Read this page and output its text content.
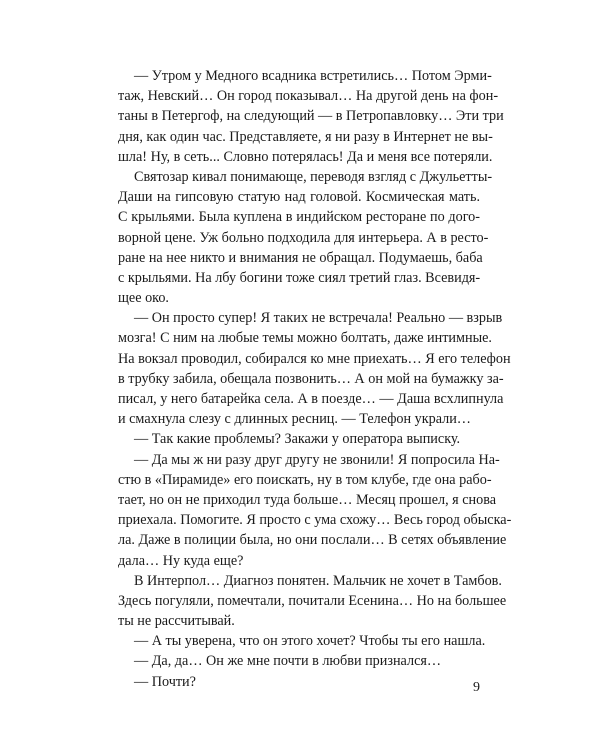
— Утром у Медного всадника встретились… Потом Эрми-
таж, Невский… Он город показывал… На другой день на фон-
таны в Петергоф, на следующий — в Петропавловку… Эти три
дня, как один час. Представляете, я ни разу в Интернет не вы-
шла! Ну, в сеть... Словно потерялась! Да и меня все потеряли.
Святозар кивал понимающе, переводя взгляд с Джульетты-
Даши на гипсовую статую над головой. Космическая мать.
С крыльями. Была куплена в индийском ресторане по дого-
ворной цене. Уж больно подходила для интерьера. А в ресто-
ране на нее никто и внимания не обращал. Подумаешь, баба
с крыльями. На лбу богини тоже сиял третий глаз. Всевидя-
щее око.
— Он просто супер! Я таких не встречала! Реально — взрыв
мозга! С ним на любые темы можно болтать, даже интимные.
На вокзал проводил, собирался ко мне приехать… Я его телефон
в трубку забила, обещала позвонить… А он мой на бумажку за-
писал, у него батарейка села. А в поезде… — Даша всхлипнула
и смахнула слезу с длинных ресниц. — Телефон украли…
— Так какие проблемы? Закажи у оператора выписку.
— Да мы ж ни разу друг другу не звонили! Я попросила На-
стю в «Пирамиде» его поискать, ну в том клубе, где она рабо-
тает, но он не приходил туда больше… Месяц прошел, я снова
приехала. Помогите. Я просто с ума схожу… Весь город обыска-
ла. Даже в полиции была, но они послали… В сетях объявление
дала… Ну куда еще?
В Интерпол… Диагноз понятен. Мальчик не хочет в Тамбов.
Здесь погуляли, помечтали, почитали Есенина… Но на большее
ты не рассчитывай.
— А ты уверена, что он этого хочет? Чтобы ты его нашла.
— Да, да… Он же мне почти в любви признался…
— Почти?	9
